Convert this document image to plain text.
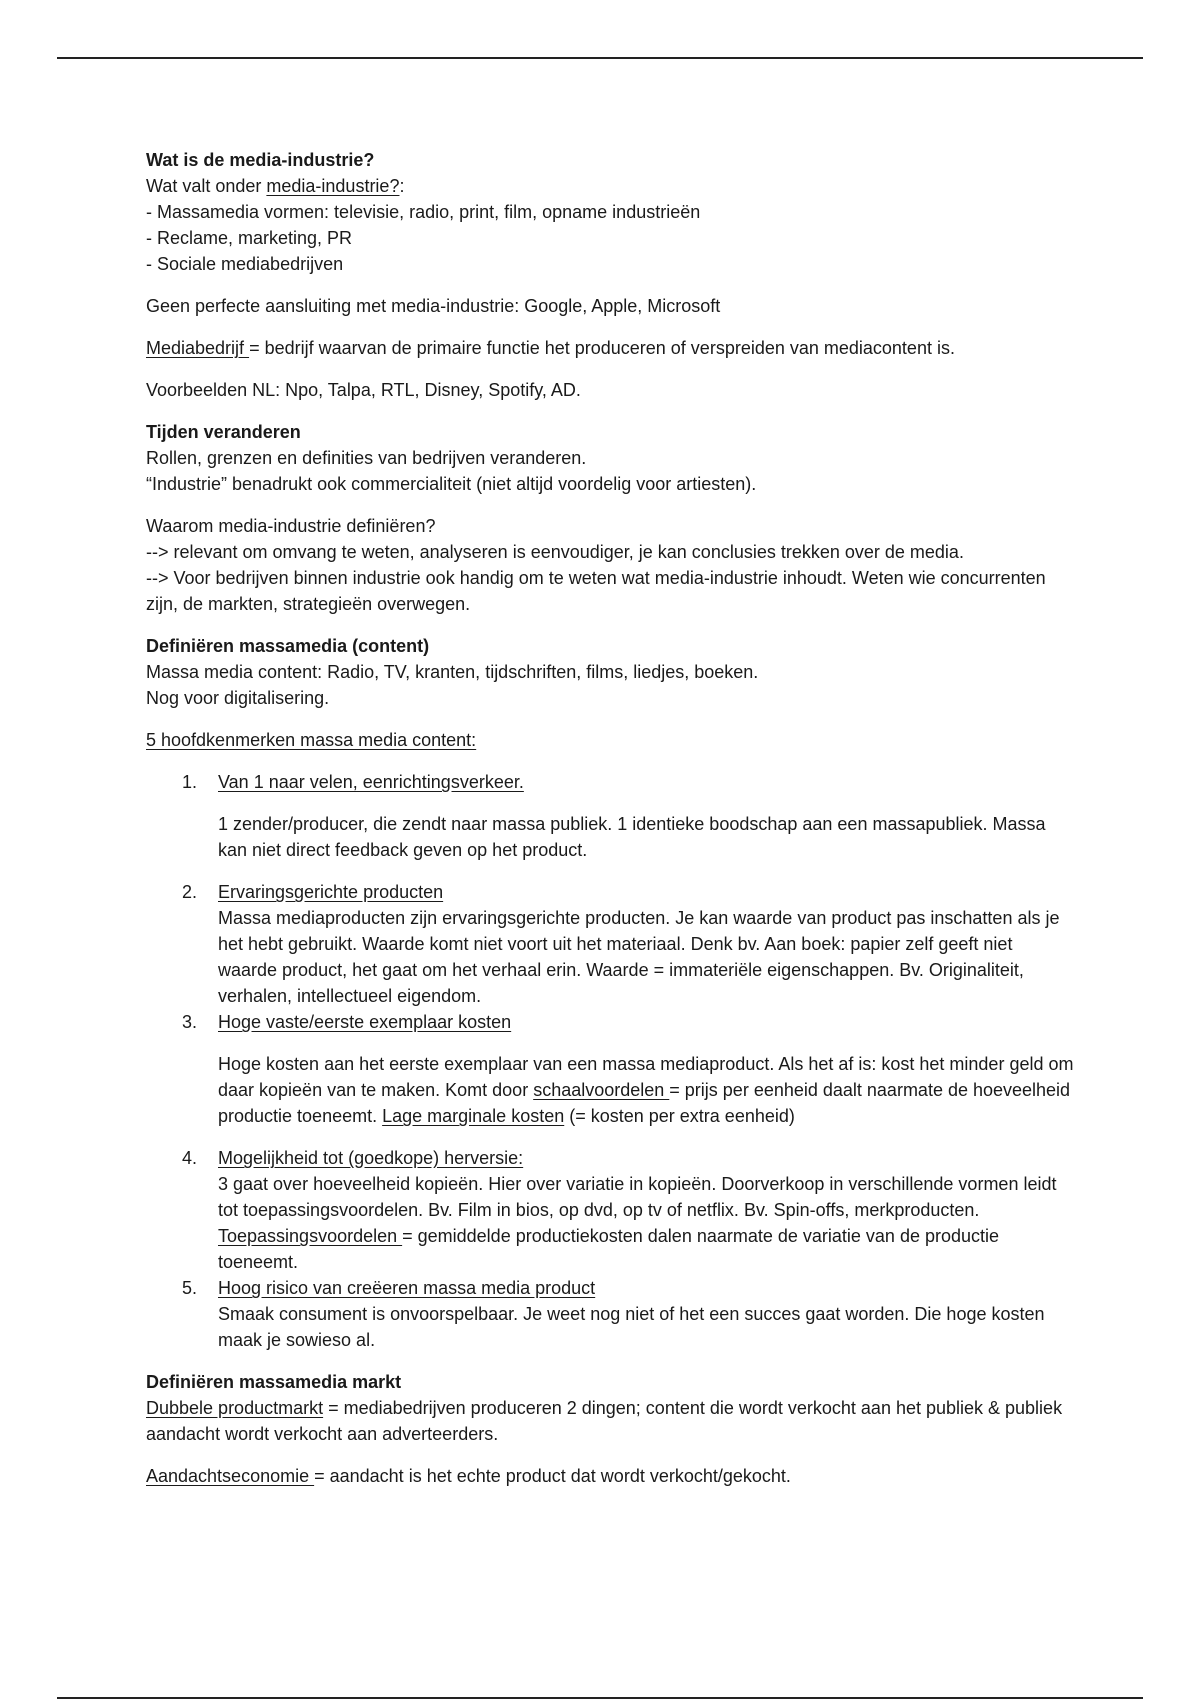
Wat is de media-industrie?

Wat valt onder media-industrie?:

- Massamedia vormen: televisie, radio, print, film, opname industrieën

- Reclame, marketing, PR

- Sociale mediabedrijven

Geen perfecte aansluiting met media-industrie: Google, Apple, Microsoft

Mediabedrijf = bedrijf waarvan de primaire functie het produceren of verspreiden van mediacontent is.

Voorbeelden NL: Npo, Talpa, RTL, Disney, Spotify, AD.

Tijden veranderen

Rollen, grenzen en definities van bedrijven veranderen.

“Industrie” benadrukt ook commercialiteit (niet altijd voordelig voor artiesten).

Waarom media-industrie definiëren?

--> relevant om omvang te weten, analyseren is eenvoudiger, je kan conclusies trekken over de media.

--> Voor bedrijven binnen industrie ook handig om te weten wat media-industrie inhoudt. Weten wie concurrenten zijn, de markten, strategieën overwegen.

Definiëren massamedia (content)

Massa media content: Radio, TV, kranten, tijdschriften, films, liedjes, boeken.

Nog voor digitalisering.

5 hoofdkenmerken massa media content:

1. Van 1 naar velen, eenrichtingsverkeer.

1 zender/producer, die zendt naar massa publiek. 1 identieke boodschap aan een massapubliek. Massa kan niet direct feedback geven op het product.

2. Ervaringsgerichte producten

Massa mediaproducten zijn ervaringsgerichte producten. Je kan waarde van product pas inschatten als je het hebt gebruikt. Waarde komt niet voort uit het materiaal. Denk bv. Aan boek: papier zelf geeft niet waarde product, het gaat om het verhaal erin. Waarde = immateriële eigenschappen. Bv. Originaliteit, verhalen, intellectueel eigendom.

3. Hoge vaste/eerste exemplaar kosten

Hoge kosten aan het eerste exemplaar van een massa mediaproduct. Als het af is: kost het minder geld om daar kopieën van te maken. Komt door schaalvoordelen = prijs per eenheid daalt naarmate de hoeveelheid productie toeneemt. Lage marginale kosten (= kosten per extra eenheid)

4. Mogelijkheid tot (goedkope) herversie:

3 gaat over hoeveelheid kopieën. Hier over variatie in kopieën. Doorverkoop in verschillende vormen leidt tot toepassingsvoordelen. Bv. Film in bios, op dvd, op tv of netflix. Bv. Spin-offs, merkproducten. Toepassingsvoordelen = gemiddelde productiekosten dalen naarmate de variatie van de productie toeneemt.

5. Hoog risico van creëeren massa media product

Smaak consument is onvoorspelbaar. Je weet nog niet of het een succes gaat worden. Die hoge kosten maak je sowieso al.

Definiëren massamedia markt

Dubbele productmarkt = mediabedrijven produceren 2 dingen; content die wordt verkocht aan het publiek & publiek aandacht wordt verkocht aan adverteerders.

Aandachtseconomie = aandacht is het echte product dat wordt verkocht/gekocht.
